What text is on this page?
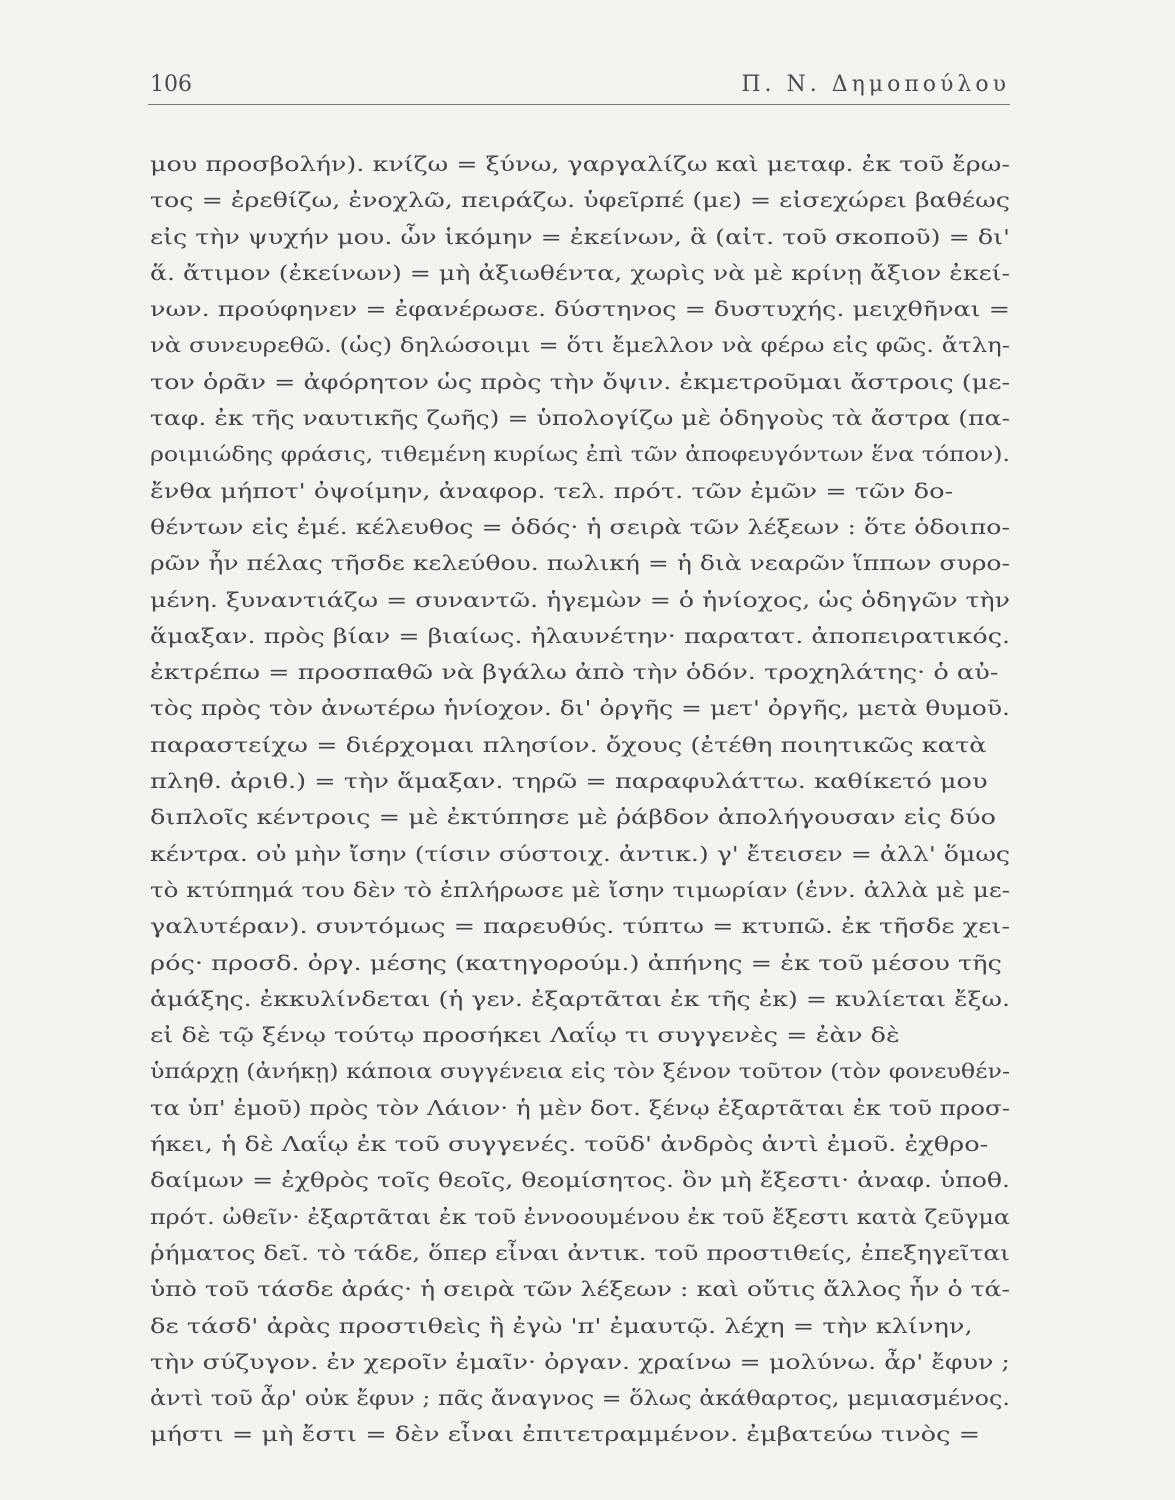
106	Π. Ν. Δημοπούλου
μου προσβολήν). κνίζω = ξύνω, γαργαλίζω καὶ μεταφ. ἐκ τοῦ ἔρω-
τος = ἐρεθίζω, ἐνοχλῶ, πειράζω. ὑφεῖρπέ (με) = εἰσεχώρει βαθέως
εἰς τὴν ψυχήν μου. ὧν ἱκόμην = ἐκείνων, ἃ (αἰτ. τοῦ σκοποῦ) = δι'
ἅ. ἄτιμον (ἐκείνων) = μὴ ἀξιωθέντα, χωρὶς νὰ μὲ κρίνῃ ἄξιον ἐκεί-
νων. προύφηνεν = ἐφανέρωσε. δύστηνος = δυστυχής. μειχθῆναι =
νὰ συνευρεθῶ. (ὡς) δηλώσοιμι = ὅτι ἔμελλον νὰ φέρω εἰς φῶς. ἄτλη-
τον ὁρᾶν = ἀφόρητον ὡς πρὸς τὴν ὄψιν. ἐκμετροῦμαι ἄστροις (με-
ταφ. ἐκ τῆς ναυτικῆς ζωῆς) = ὑπολογίζω μὲ ὁδηγοὺς τὰ ἄστρα (πα-
ροιμιώδης φράσις, τιθεμένη κυρίως ἐπὶ τῶν ἀποφευγόντων ἕνα τόπον).
ἔνθα μήποτ' ὀψοίμην, ἀναφορ. τελ. πρότ. τῶν ἐμῶν = τῶν δο-
θέντων εἰς ἐμέ. κέλευθος = ὁδός· ἡ σειρὰ τῶν λέξεων : ὅτε ὁδοιπο-
ρῶν ἦν πέλας τῆσδε κελεύθου. πωλική = ἡ διὰ νεαρῶν ἵππων συρο-
μένη. ξυναντιάζω = συναντῶ. ἡγεμὼν = ὁ ἡνίοχος, ὡς ὁδηγῶν τὴν
ἅμαξαν. πρὸς βίαν = βιαίως. ἠλαυνέτην· παρατατ. ἀποπειρατικός.
ἐκτρέπω = προσπαθῶ νὰ βγάλω ἀπὸ τὴν ὁδόν. τροχηλάτης· ὁ αὐ-
τὸς πρὸς τὸν ἀνωτέρω ἡνίοχον. δι' ὀργῆς = μετ' ὀργῆς, μετὰ θυμοῦ.
παραστείχω = διέρχομαι πλησίον. ὄχους (ἐτέθη ποιητικῶς κατὰ
πληθ. ἀριθ.) = τὴν ἅμαξαν. τηρῶ = παραφυλάττω. καθίκετό μου
διπλοῖς κέντροις = μὲ ἐκτύπησε μὲ ῥάβδον ἀπολήγουσαν εἰς δύο
κέντρα. οὐ μὴν ἴσην (τίσιν σύστοιχ. ἀντικ.) γ' ἔτεισεν = ἀλλ' ὅμως
τὸ κτύπημά του δὲν τὸ ἐπλήρωσε μὲ ἴσην τιμωρίαν (ἐνν. ἀλλὰ μὲ με-
γαλυτέραν). συντόμως = παρευθύς. τύπτω = κτυπῶ. ἐκ τῆσδε χει-
ρός· προσδ. ὀργ. μέσης (κατηγορούμ.) ἀπήνης = ἐκ τοῦ μέσου τῆς
ἁμάξης. ἐκκυλίνδεται (ἡ γεν. ἐξαρτᾶται ἐκ τῆς ἐκ) = κυλίεται ἔξω.
εἰ δὲ τῷ ξένῳ τούτῳ προσήκει Λαΐῳ τι συγγενὲς = ἐὰν δὲ
ὑπάρχῃ (ἀνήκῃ) κάποια συγγένεια εἰς τὸν ξένον τοῦτον (τὸν φονευθέν-
τα ὑπ' ἐμοῦ) πρὸς τὸν Λάιον· ἡ μὲν δοτ. ξένῳ ἐξαρτᾶται ἐκ τοῦ προσ-
ήκει, ἡ δὲ Λαΐῳ ἐκ τοῦ συγγενές. τοῦδ' ἀνδρὸς ἀντὶ ἐμοῦ. ἐχθρο-
δαίμων = ἐχθρὸς τοῖς θεοῖς, θεομίσητος. ὃν μὴ ἔξεστι· ἀναφ. ὑποθ.
πρότ. ὠθεῖν· ἐξαρτᾶται ἐκ τοῦ ἐννοουμένου ἐκ τοῦ ἔξεστι κατὰ ζεῦγμα
ῥήματος δεῖ. τὸ τάδε, ὅπερ εἶναι ἀντικ. τοῦ προστιθείς, ἐπεξηγεῖται
ὑπὸ τοῦ τάσδε ἀράς· ἡ σειρὰ τῶν λέξεων : καὶ οὔτις ἄλλος ἦν ὁ τά-
δε τάσδ' ἀρὰς προστιθεὶς ἢ ἐγὼ 'π' ἐμαυτῷ. λέχη = τὴν κλίνην,
τὴν σύζυγον. ἐν χεροῖν ἐμαῖν· ὀργαν. χραίνω = μολύνω. ἆρ' ἔφυν ;
ἀντὶ τοῦ ἆρ' οὐκ ἔφυν ; πᾶς ἄναγνος = ὅλως ἀκάθαρτος, μεμιασμένος.
μήστι = μὴ ἔστι = δὲν εἶναι ἐπιτετραμμένον. ἐμβατεύω τινὸς =
